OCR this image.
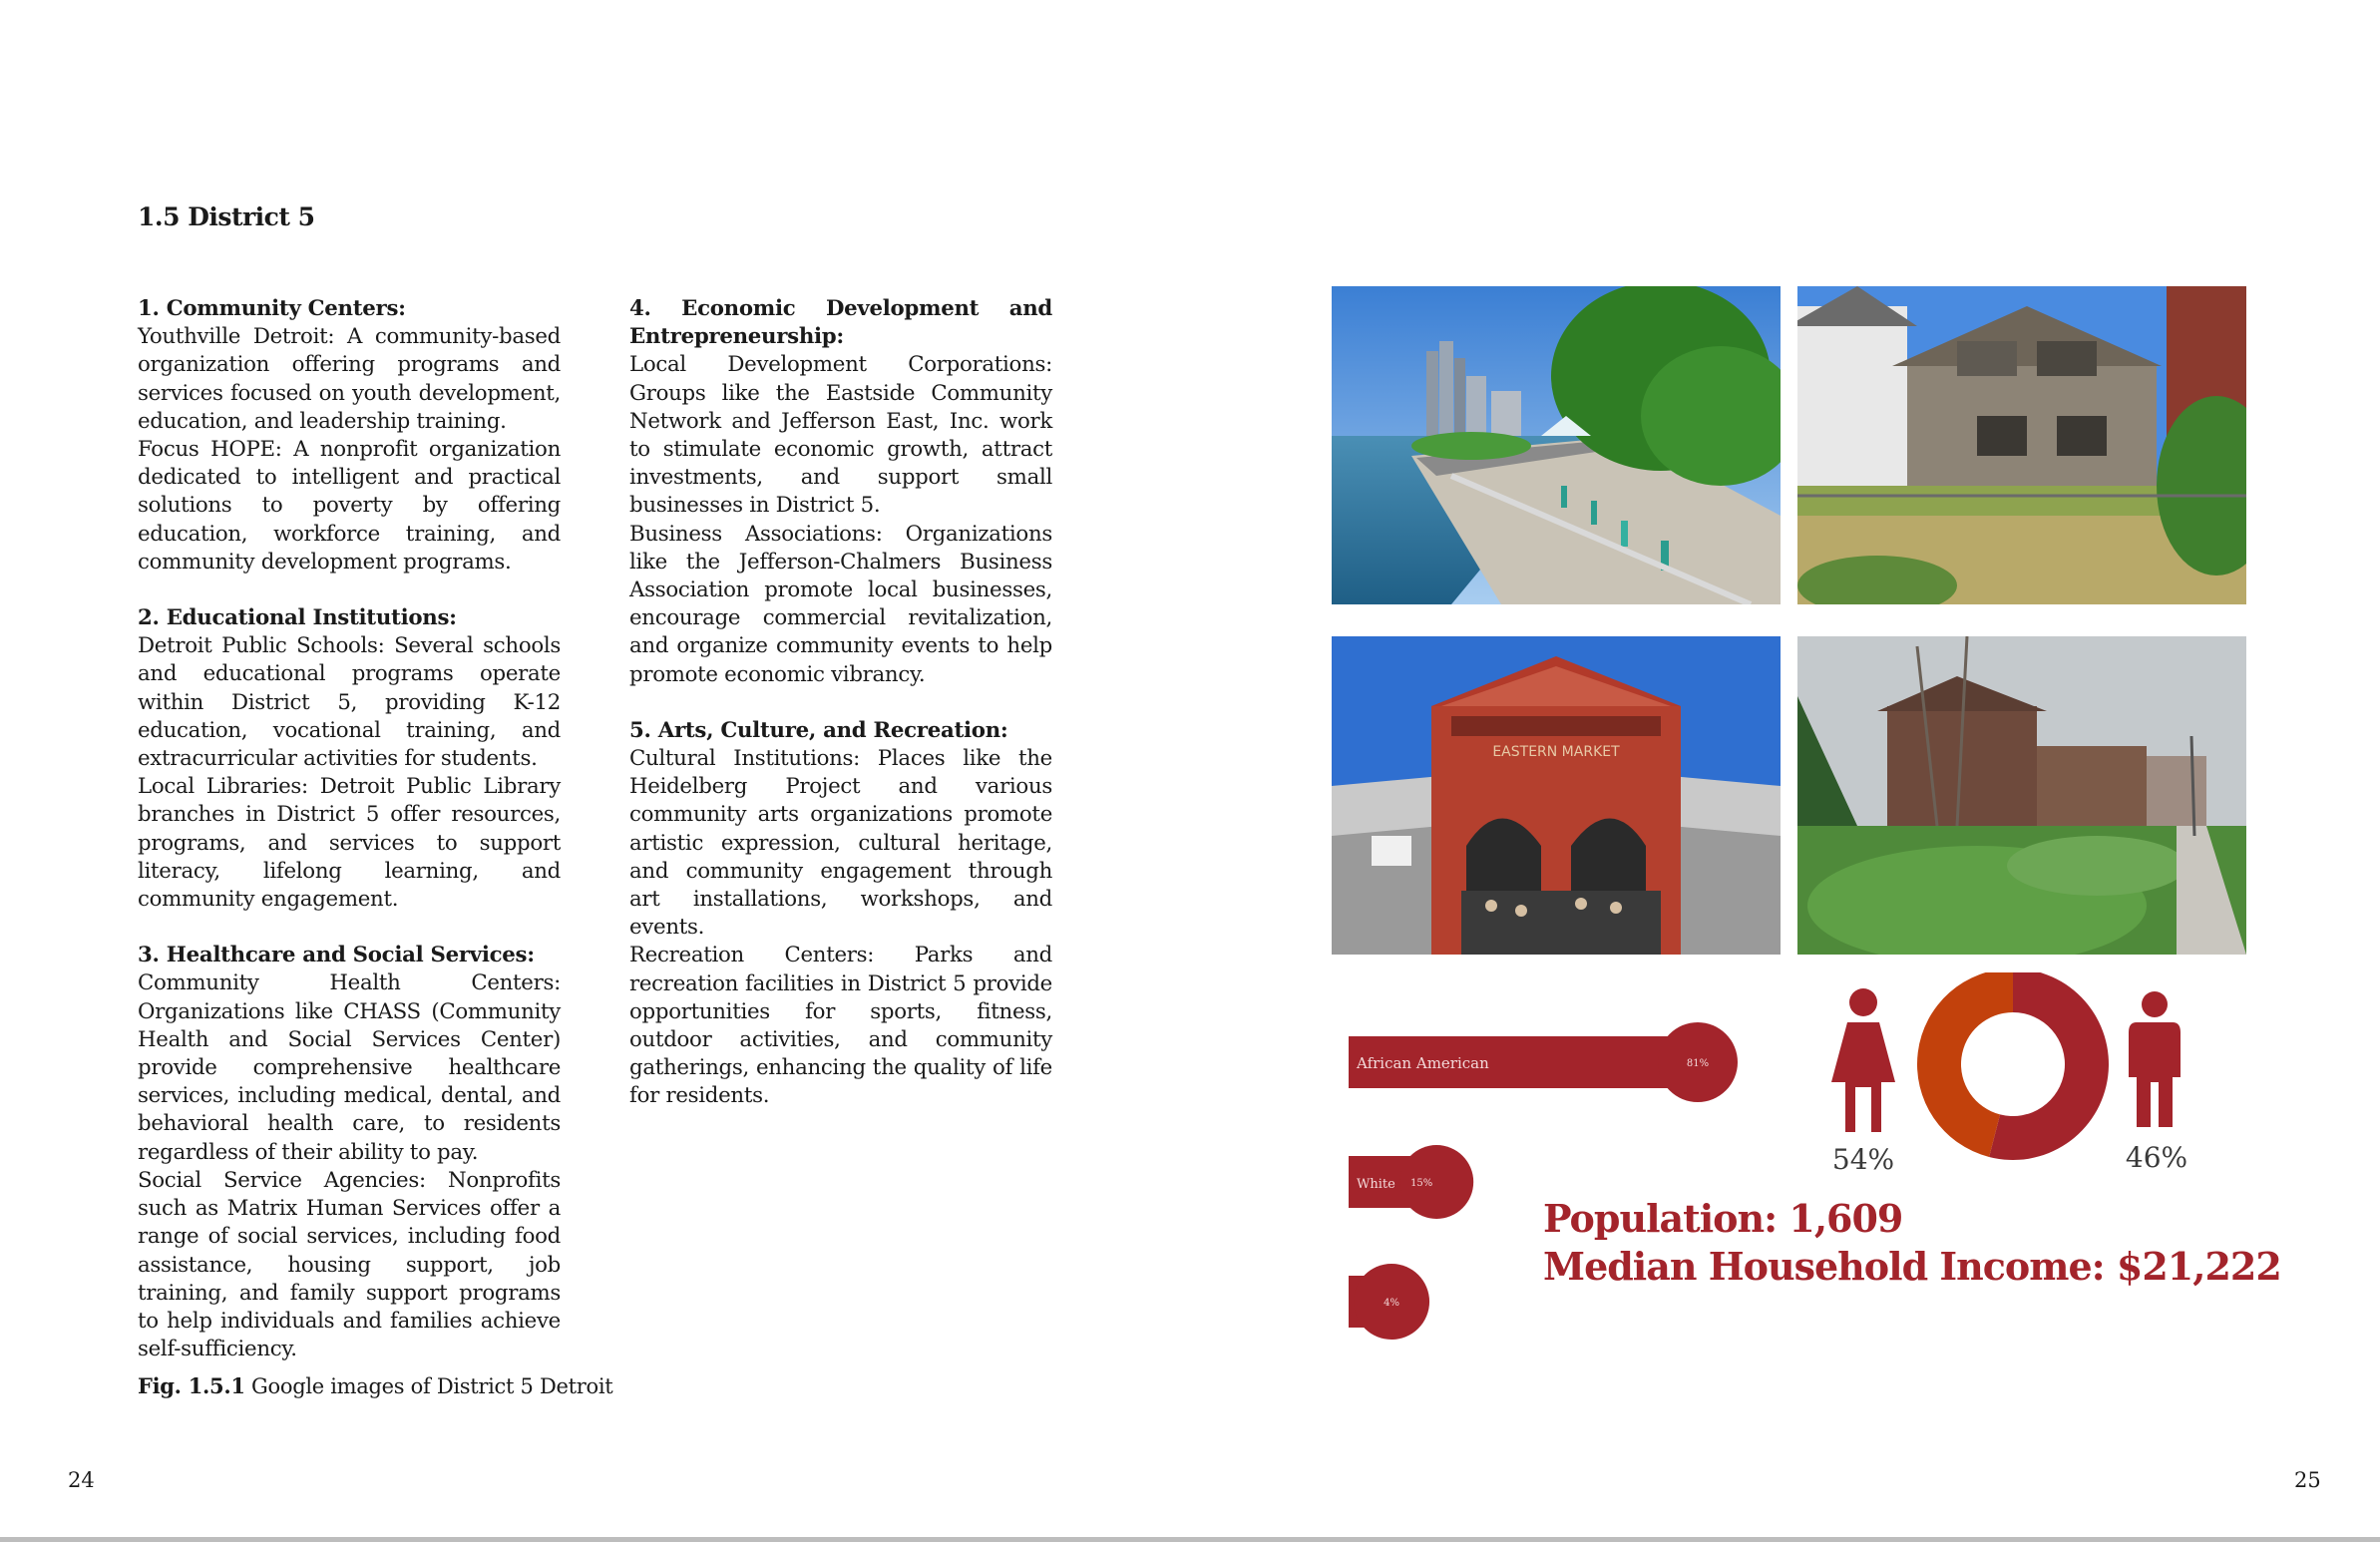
1.5 District 5

1. Community Centers:

Youthville Detroit: A community-based organization offering programs and services focused on youth development, education, and leadership training.

Focus HOPE: A nonprofit organization dedicated to intelligent and practical solutions to poverty by offering education, workforce training, and community development programs.

2. Educational Institutions:

Detroit Public Schools: Several schools and educational programs operate within District 5, providing K-12 education, vocational training, and extracurricular activities for students.

Local Libraries: Detroit Public Library branches in District 5 offer resources, programs, and services to support literacy, lifelong learning, and community engagement.

3. Healthcare and Social Services:

Community Health Centers: Organizations like CHASS (Community Health and Social Services Center) provide comprehensive healthcare services, including medical, dental, and behavioral health care, to residents regardless of their ability to pay.

Social Service Agencies: Nonprofits such as Matrix Human Services offer a range of social services, including food assistance, housing support, job training, and family support programs to help individuals and families achieve self-sufficiency.

4. Economic Development and Entrepreneurship:

Local Development Corporations: Groups like the Eastside Community Network and Jefferson East, Inc. work to stimulate economic growth, attract investments, and support small businesses in District 5.

Business Associations: Organizations like the Jefferson-Chalmers Business Association promote local businesses, encourage commercial revitalization, and organize community events to help promote economic vibrancy.

5. Arts, Culture, and Recreation:

Cultural Institutions: Places like the Heidelberg Project and various community arts organizations promote artistic expression, cultural heritage, and community engagement through art installations, workshops, and events.

Recreation Centers: Parks and recreation facilities in District 5 provide opportunities for sports, fitness, outdoor activities, and community gatherings, enhancing the quality of life for residents.

Fig. 1.5.1 Google images of District 5 Detroit
EASTERN MARKET
African American	81%
White 15%
4%
54%	46%
Population: 1,609
Median Household Income: $21,222
24	25
